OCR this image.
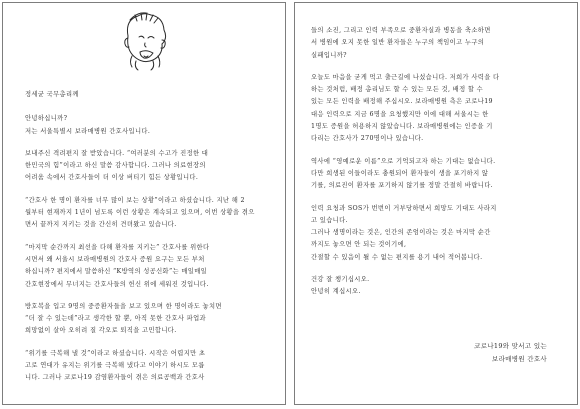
정세균 국무총리께

안녕하십니까?
저는 서울특별시 보라매병원 간호사입니다.

보내주신 격려편지 잘 받았습니다. “여러분의 수고가 진정한 대
한민국의 힘”이라고 하신 말씀 감사합니다. 그러나 의료현장의
어려움 속에서 간호사들이 더 이상 버티기 힘든 상황입니다.

“간호사 한 명이 환자를 너무 많이 보는 상황”이라고 하셨습니다. 지난 해 2
월부터 현재까지 1년이 넘도록 이런 상황은 계속되고 있으며, 이번 상황을 겪으
면서 끝까지 지키는 것을 간신히 견뎌왔고 있습니다.

“마지막 순간까지 최선을 다해 환자를 지키는” 간호사를 위한다
시면서 왜 서울시 보라매병원의 간호사 증원 요구는 모든 부처
하십니까? 편지에서 말씀하신 “K방역의 성공신화”는 매일매일
간호현장에서 무너지는 간호사들의 헌신 위에 세워진 것입니다.

방호복을 입고 9명의 중증환자들을 보고 있으며 한 명이라도 놓치면
“더 잘 수 있는데”라고 생각한 할 뿐, 아직 못한 간호사 파업과
희망없이 살아 오히려 질 각오로 퇴직을 고민합니다.

“위기를 극복해 낼 것”이라고 하셨습니다. 시작은 어렵지만 초
고로 연대가 유지는 위기를 극복해 냈다고 이야기 하시도 모릅
니다. 그러나 코로나19 감염환자들이 겪은 의료공백과 간호사

들의 소진, 그리고 인력 부족으로 중환자실과 병동을 축소하면
서 병원에 오지 못한 일반 환자들은 누구의 책임이고 누구의
실패입니까?

오늘도 마음을 굳게 먹고 출근길에 나섰습니다. 저희가 사력을 다
하는 것처럼, 배정 총리님도 할 수 있는 모든 것, 배정 할 수
있는 모든 인력을 배정해 주십시오. 보라매병원 측은 코로나19
대응 인력으로 지금 6명을 요청했지만 이에 대해 서울시는 한
1명도 증원을 허용하지 않았습니다. 보라매병원에는 인증을 기
다리는 간호사가 270명이나 있습니다.

역사에 “영예로운 이름”으로 기억되고자 하는 기대는 없습니다.
다만 희생된 이들이라도 충원되어 환자들이 생을 포기하지 않
기를, 의료진이 환자를 포기하지 않기를 정말 간절히 바랍니다.

인력 요청과 SOS가 번번이 거부당하면서 희망도 기대도 사라지
고 있습니다.
그러나 생명이라는 것은, 인간의 존엄이라는 것은 마지막 순간
까지도 놓으면 안 되는 것이기에,
간절할 수 있음이 될 수 없는 편지를 용기 내어 적어봅니다.

건강 잘 챙기십시오.
안녕히 계십시오.

코로나19와 맞서고 있는
보라매병원 간호사
